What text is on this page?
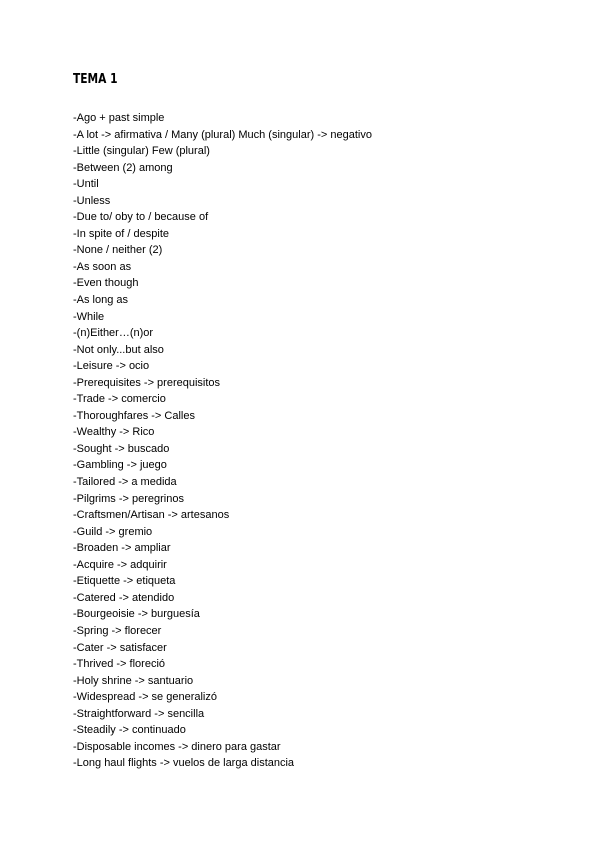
TEMA 1
-Ago + past simple
-A lot -> afirmativa / Many (plural) Much (singular) -> negativo
-Little (singular) Few (plural)
-Between (2) among
-Until
-Unless
-Due to/ oby to / because of
-In spite of / despite
-None / neither (2)
-As soon as
-Even though
-As long as
-While
-(n)Either…(n)or
-Not only...but also
-Leisure -> ocio
-Prerequisites -> prerequisitos
-Trade -> comercio
-Thoroughfares -> Calles
-Wealthy -> Rico
-Sought -> buscado
-Gambling -> juego
-Tailored -> a medida
-Pilgrims -> peregrinos
-Craftsmen/Artisan -> artesanos
-Guild -> gremio
-Broaden -> ampliar
-Acquire -> adquirir
-Etiquette -> etiqueta
-Catered -> atendido
-Bourgeoisie -> burguesía
-Spring -> florecer
-Cater -> satisfacer
-Thrived -> floreció
-Holy shrine -> santuario
-Widespread -> se generalizó
-Straightforward -> sencilla
-Steadily -> continuado
-Disposable incomes -> dinero para gastar
-Long haul flights -> vuelos de larga distancia
